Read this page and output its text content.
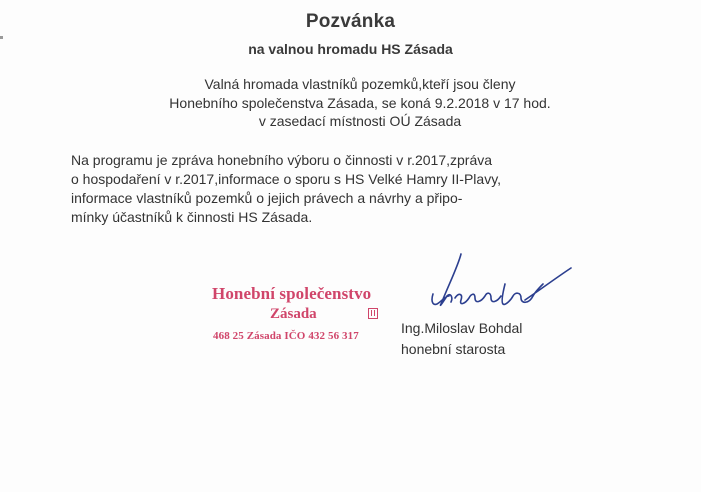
Pozvánka
na valnou hromadu HS Zásada
Valná hromada vlastníků pozemků,kteří jsou členy
Honebního společenstva Zásada, se koná 9.2.2018 v 17 hod.
v zasedací místnosti OÚ Zásada
Na programu je zpráva honebního výboru o činnosti v r.2017,zpráva
o hospodaření v r.2017,informace o sporu s HS Velké Hamry II-Plavy,
informace vlastníků pozemků o jejich právech a návrhy a připo-
mínky účastníků k činnosti HS Zásada.
Honební společenstvo
Zásada
468 25 Zásada IČO 432 56 317	Ing.Miloslav Bohdal
honební starosta
